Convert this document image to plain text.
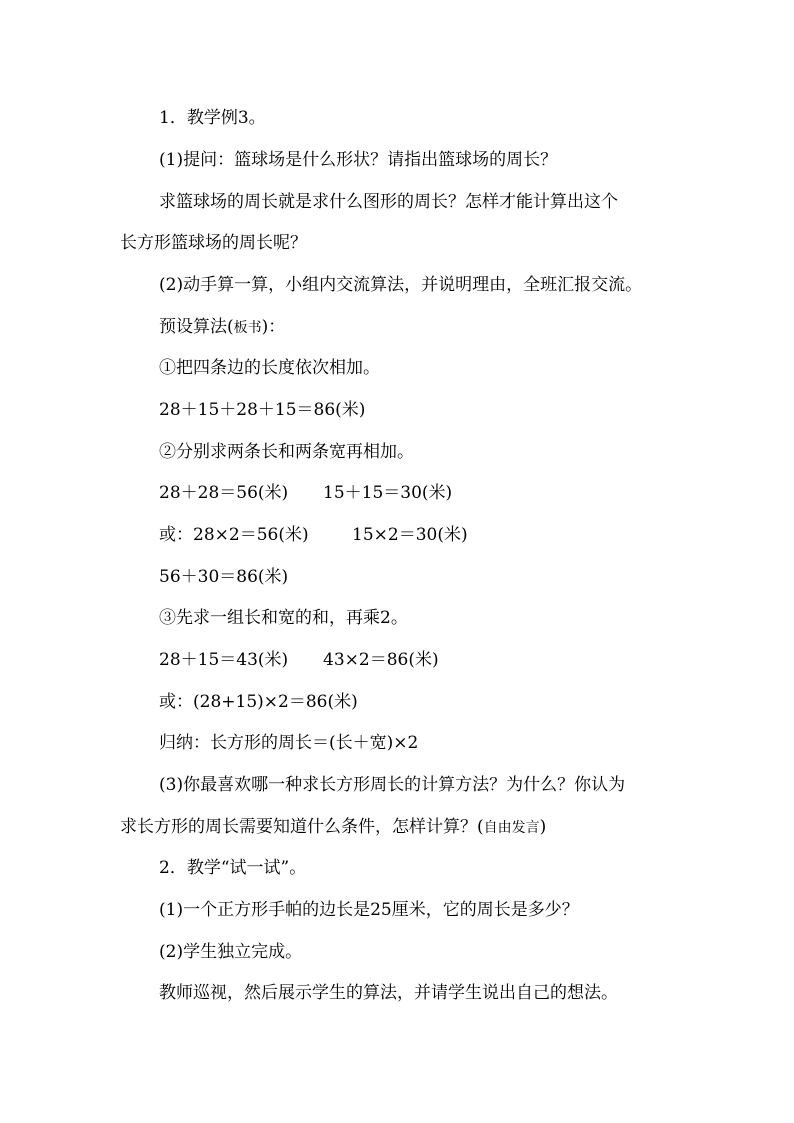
1．教学例3。
(1)提问：篮球场是什么形状？请指出篮球场的周长？
求篮球场的周长就是求什么图形的周长？怎样才能计算出这个
长方形篮球场的周长呢？
(2)动手算一算，小组内交流算法，并说明理由，全班汇报交流。
预设算法(板书)：
①把四条边的长度依次相加。
28＋15＋28＋15＝86(米)
②分别求两条长和两条宽再相加。
28＋28＝56(米) 15＋15＝30(米)
或：28×2＝56(米)	15×2＝30(米)
56＋30＝86(米)
③先求一组长和宽的和，再乘2。
28＋15＝43(米) 43×2＝86(米)
或：(28+15)×2＝86(米)
归纳：长方形的周长＝(长＋宽)×2
(3)你最喜欢哪一种求长方形周长的计算方法？为什么？你认为
求长方形的周长需要知道什么条件，怎样计算？(自由发言)
2．教学“试一试”。
(1)一个正方形手帕的边长是25厘米，它的周长是多少？
(2)学生独立完成。
教师巡视，然后展示学生的算法，并请学生说出自己的想法。
